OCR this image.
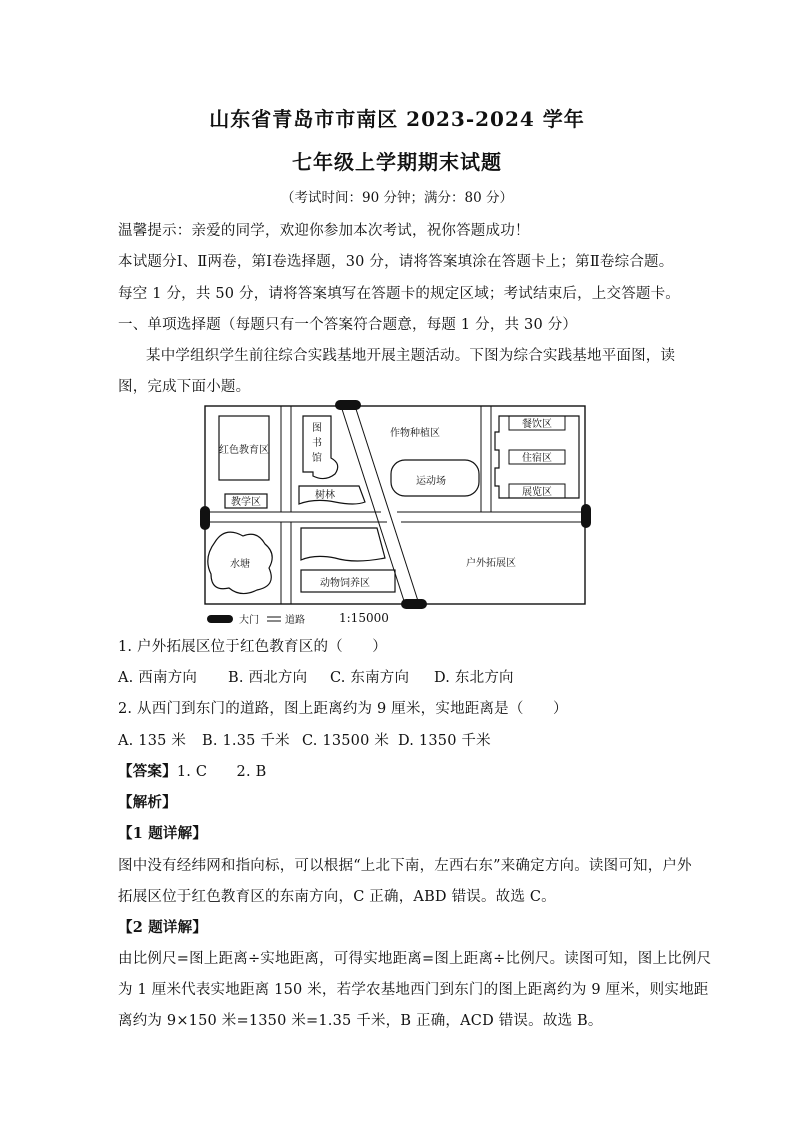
山东省青岛市市南区 2023-2024 学年
七年级上学期期末试题
（考试时间：90 分钟；满分：80 分）
温馨提示：亲爱的同学，欢迎你参加本次考试，祝你答题成功！
本试题分Ⅰ、Ⅱ两卷，第Ⅰ卷选择题，30 分，请将答案填涂在答题卡上；第Ⅱ卷综合题。
每空 1 分，共 50 分，请将答案填写在答题卡的规定区域；考试结束后，上交答题卡。
一、单项选择题（每题只有一个答案符合题意，每题 1 分，共 30 分）
某中学组织学生前往综合实践基地开展主题活动。下图为综合实践基地平面图，读
图，完成下面小题。
红色教育区
教学区
图
书
馆
树林
作物种植区
运动场
餐饮区
住宿区
展览区
水塘
动物饲养区
户外拓展区
大门	道路	1:15000
1. 户外拓展区位于红色教育区的（　　）
A. 西南方向 B. 西北方向 C. 东南方向 D. 东北方向
2. 从西门到东门的道路，图上距离约为 9 厘米，实地距离是（　　）
A. 135 米 B. 1.35 千米 C. 13500 米 D. 1350 千米
【答案】1. C　　2. B
【解析】
【1 题详解】
图中没有经纬网和指向标，可以根据“上北下南，左西右东”来确定方向。读图可知，户外
拓展区位于红色教育区的东南方向，C 正确，ABD 错误。故选 C。
【2 题详解】
由比例尺=图上距离÷实地距离，可得实地距离=图上距离÷比例尺。读图可知，图上比例尺
为 1 厘米代表实地距离 150 米，若学农基地西门到东门的图上距离约为 9 厘米，则实地距
离约为 9×150 米=1350 米=1.35 千米，B 正确，ACD 错误。故选 B。
